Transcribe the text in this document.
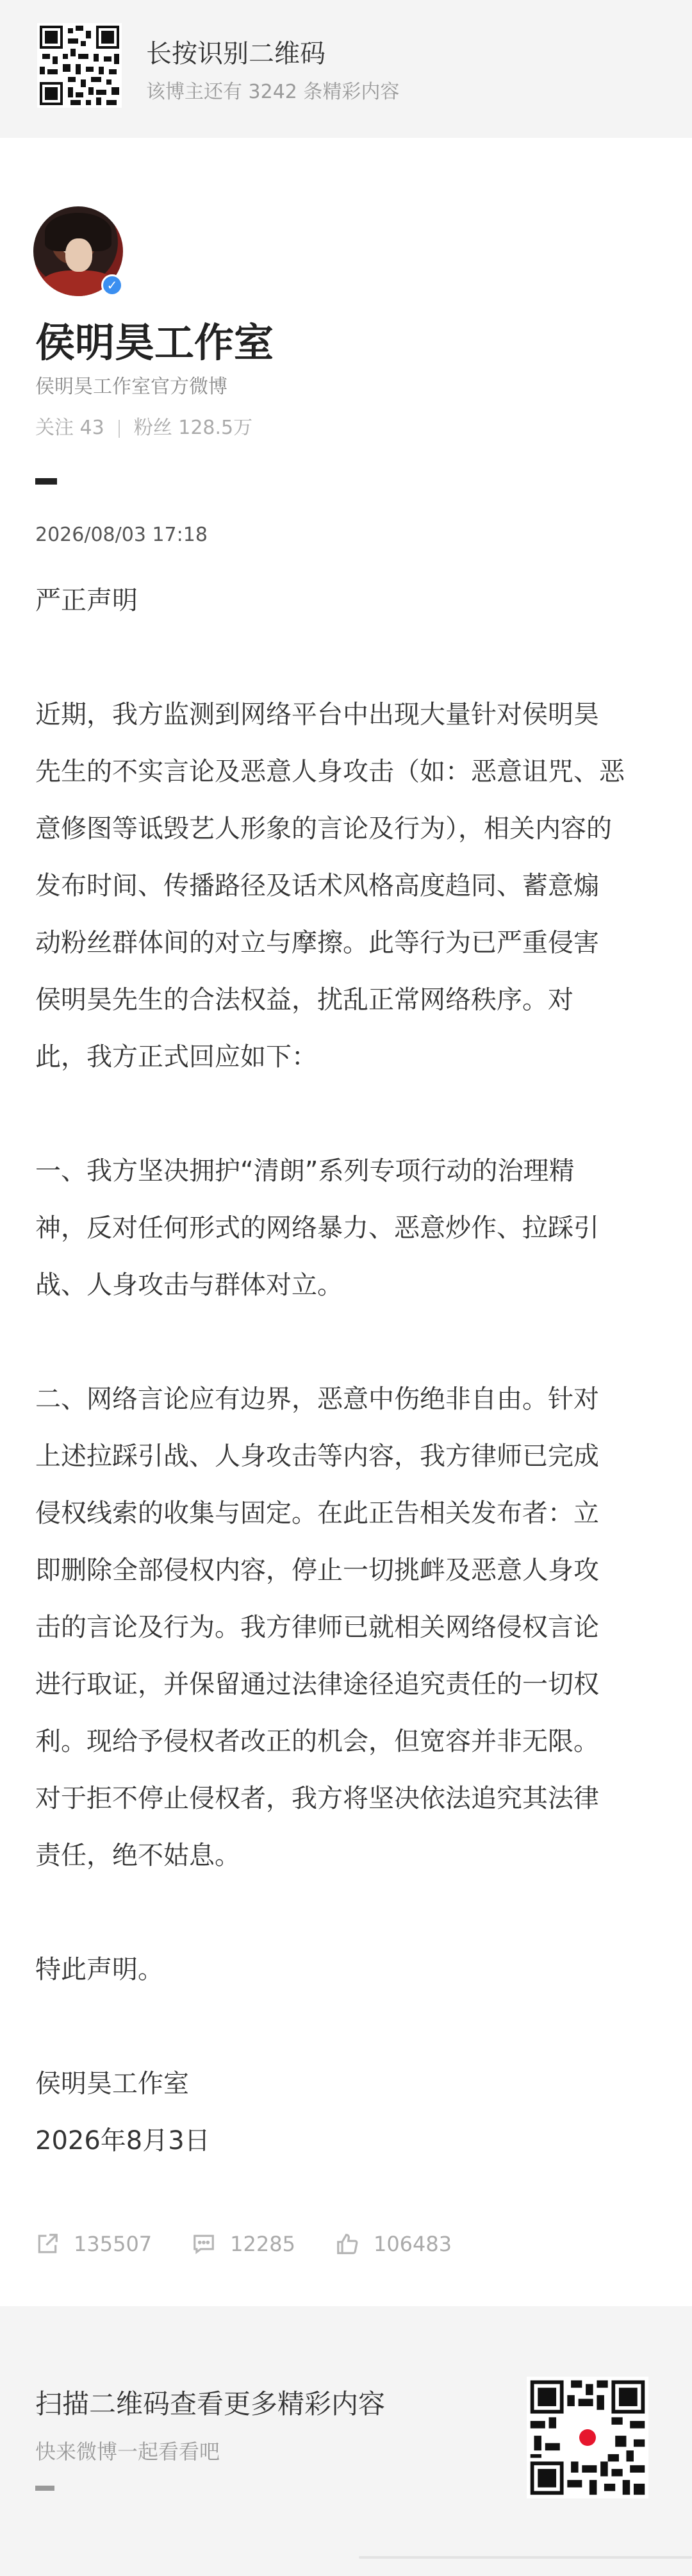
长按识别二维码
该博主还有 3242 条精彩内容
✓
侯明昊工作室
侯明昊工作室官方微博
关注 43 粉丝 128.5万
2026/08/03 17:18

严正声明

近期，我方监测到网络平台中出现大量针对侯明昊

先生的不实言论及恶意人身攻击（如：恶意诅咒、恶

意修图等诋毁艺人形象的言论及行为），相关内容的

发布时间、传播路径及话术风格高度趋同、蓄意煽

动粉丝群体间的对立与摩擦。此等行为已严重侵害

侯明昊先生的合法权益，扰乱正常网络秩序。对

此，我方正式回应如下：

一、我方坚决拥护“清朗”系列专项行动的治理精

神，反对任何形式的网络暴力、恶意炒作、拉踩引

战、人身攻击与群体对立。

二、网络言论应有边界，恶意中伤绝非自由。针对

上述拉踩引战、人身攻击等内容，我方律师已完成

侵权线索的收集与固定。在此正告相关发布者：立

即删除全部侵权内容，停止一切挑衅及恶意人身攻

击的言论及行为。我方律师已就相关网络侵权言论

进行取证，并保留通过法律途径追究责任的一切权

利。现给予侵权者改正的机会，但宽容并非无限。

对于拒不停止侵权者，我方将坚决依法追究其法律

责任，绝不姑息。

特此声明。

侯明昊工作室

2026年8月3日

135507	12285	106483
扫描二维码查看更多精彩内容
快来微博一起看看吧
